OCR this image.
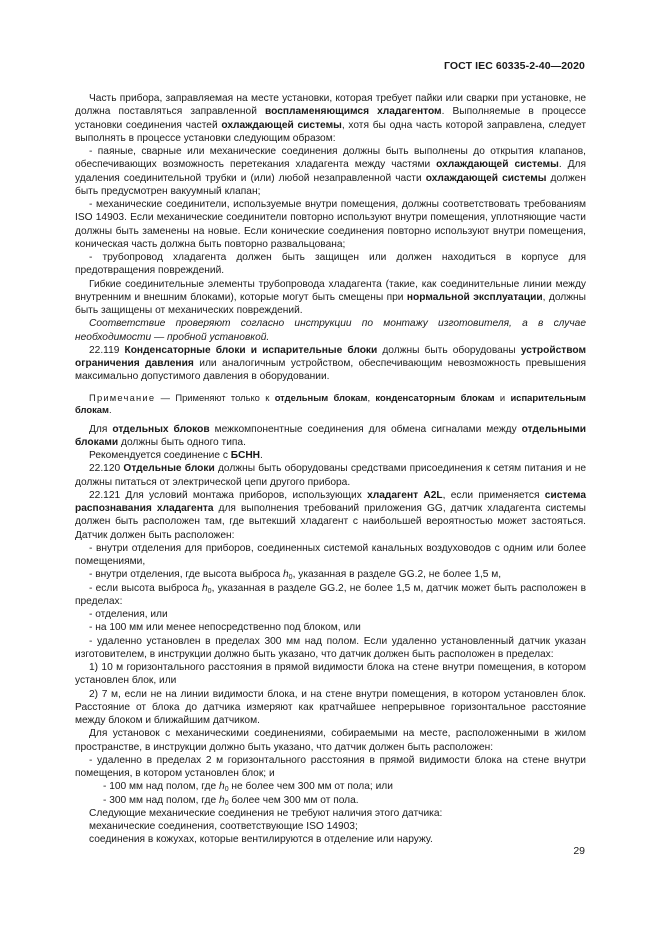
ГОСТ IEC 60335-2-40—2020

Часть прибора, заправляемая на месте установки, которая требует пайки или сварки при установке, не должна поставляться заправленной воспламеняющимся хладагентом. Выполняемые в процессе установки соединения частей охлаждающей системы, хотя бы одна часть которой заправлена, следует выполнять в процессе установки следующим образом:

- паяные, сварные или механические соединения должны быть выполнены до открытия клапанов, обеспечивающих возможность перетекания хладагента между частями охлаждающей системы. Для удаления соединительной трубки и (или) любой незаправленной части охлаждающей системы должен быть предусмотрен вакуумный клапан;

- механические соединители, используемые внутри помещения, должны соответствовать требованиям ISO 14903. Если механические соединители повторно используют внутри помещения, уплотняющие части должны быть заменены на новые. Если конические соединения повторно используют внутри помещения, коническая часть должна быть повторно развальцована;

- трубопровод хладагента должен быть защищен или должен находиться в корпусе для предотвращения повреждений.

Гибкие соединительные элементы трубопровода хладагента (такие, как соединительные линии между внутренним и внешним блоками), которые могут быть смещены при нормальной эксплуатации, должны быть защищены от механических повреждений.

Соответствие проверяют согласно инструкции по монтажу изготовителя, а в случае необходимости — пробной установкой.

22.119 Конденсаторные блоки и испарительные блоки должны быть оборудованы устройством ограничения давления или аналогичным устройством, обеспечивающим невозможность превышения максимально допустимого давления в оборудовании.

Примечание — Применяют только к отдельным блокам, конденсаторным блокам и испарительным блокам.

Для отдельных блоков межкомпонентные соединения для обмена сигналами между отдельными блоками должны быть одного типа.

Рекомендуется соединение с БСНН.

22.120 Отдельные блоки должны быть оборудованы средствами присоединения к сетям питания и не должны питаться от электрической цепи другого прибора.

22.121 Для условий монтажа приборов, использующих хладагент A2L, если применяется система распознавания хладагента для выполнения требований приложения GG, датчик хладагента системы должен быть расположен там, где вытекший хладагент с наибольшей вероятностью может застояться. Датчик должен быть расположен:

- внутри отделения для приборов, соединенных системой канальных воздуховодов с одним или более помещениями,

- внутри отделения, где высота выброса $h_0$, указанная в разделе GG.2, не более 1,5 м,

- если высота выброса $h_0$, указанная в разделе GG.2, не более 1,5 м, датчик может быть расположен в пределах:

- отделения, или

- на 100 мм или менее непосредственно под блоком, или

- удаленно установлен в пределах 300 мм над полом. Если удаленно установленный датчик указан изготовителем, в инструкции должно быть указано, что датчик должен быть расположен в пределах:

1) 10 м горизонтального расстояния в прямой видимости блока на стене внутри помещения, в котором установлен блок, или

2) 7 м, если не на линии видимости блока, и на стене внутри помещения, в котором установлен блок. Расстояние от блока до датчика измеряют как кратчайшее непрерывное горизонтальное расстояние между блоком и ближайшим датчиком.

Для установок с механическими соединениями, собираемыми на месте, расположенными в жилом пространстве, в инструкции должно быть указано, что датчик должен быть расположен:

- удаленно в пределах 2 м горизонтального расстояния в прямой видимости блока на стене внутри помещения, в котором установлен блок; и

- 100 мм над полом, где $h_0$ не более чем 300 мм от пола; или

- 300 мм над полом, где $h_0$ более чем 300 мм от пола.

Следующие механические соединения не требуют наличия этого датчика:

механические соединения, соответствующие ISO 14903;

соединения в кожухах, которые вентилируются в отделение или наружу.

29
